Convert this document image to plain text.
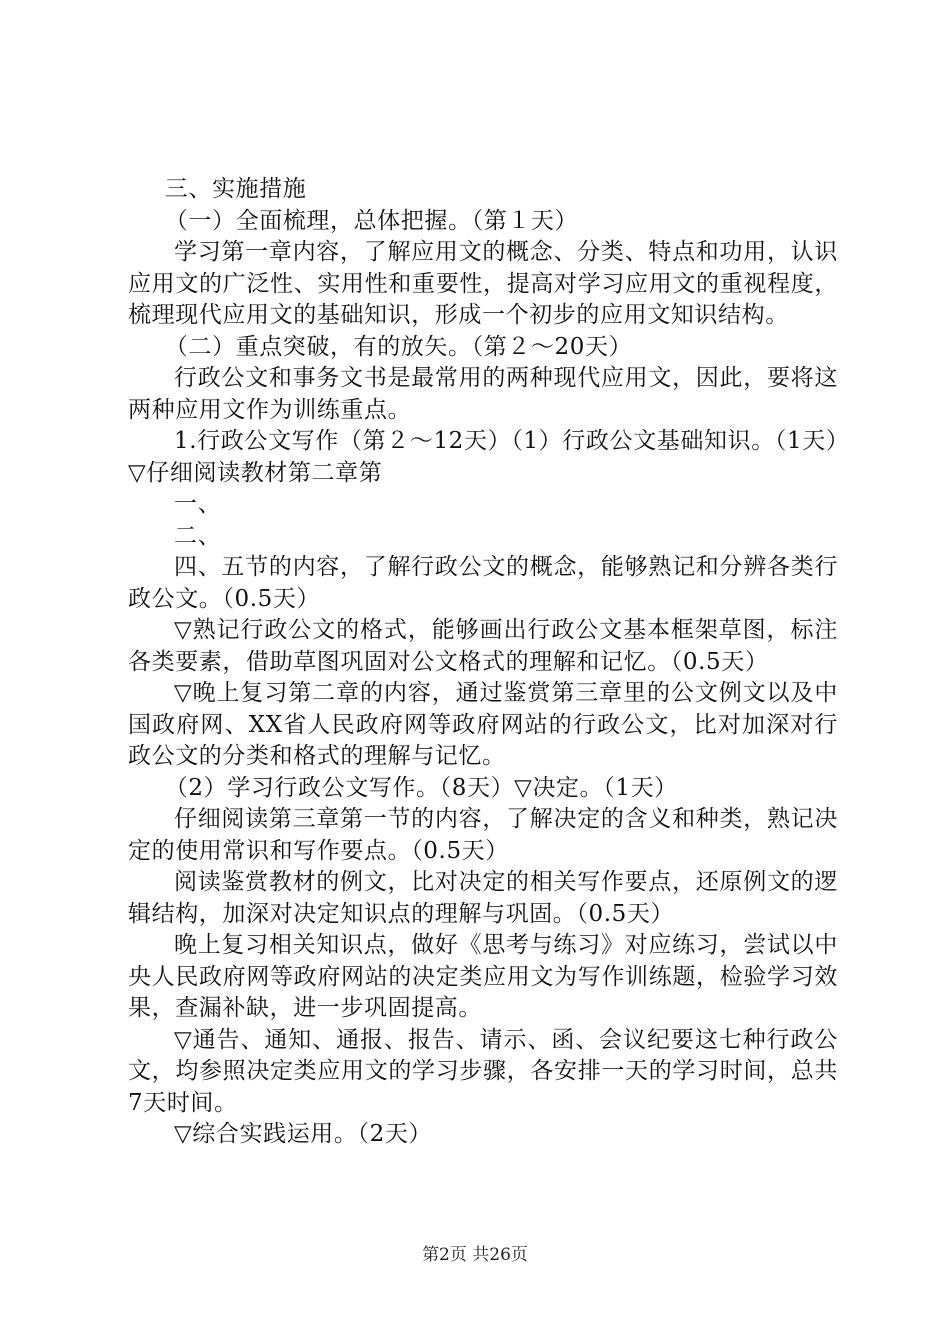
三、实施措施

（一）全面梳理，总体把握。（第１天）

学习第一章内容，了解应用文的概念、分类、特点和功用，认识应用文的广泛性、实用性和重要性，提高对学习应用文的重视程度，梳理现代应用文的基础知识，形成一个初步的应用文知识结构。

（二）重点突破，有的放矢。（第２～20天）

行政公文和事务文书是最常用的两种现代应用文，因此，要将这两种应用文作为训练重点。

1.行政公文写作（第２～12天）（1）行政公文基础知识。（1天）▽仔细阅读教材第二章第

一、

二、

四、五节的内容，了解行政公文的概念，能够熟记和分辨各类行政公文。（0.5天）

▽熟记行政公文的格式，能够画出行政公文基本框架草图，标注各类要素，借助草图巩固对公文格式的理解和记忆。（0.5天）

▽晚上复习第二章的内容，通过鉴赏第三章里的公文例文以及中国政府网、XX省人民政府网等政府网站的行政公文，比对加深对行政公文的分类和格式的理解与记忆。

（2）学习行政公文写作。（8天）▽决定。（1天）

仔细阅读第三章第一节的内容，了解决定的含义和种类，熟记决定的使用常识和写作要点。（0.5天）

阅读鉴赏教材的例文，比对决定的相关写作要点，还原例文的逻辑结构，加深对决定知识点的理解与巩固。（0.5天）

晚上复习相关知识点，做好《思考与练习》对应练习，尝试以中央人民政府网等政府网站的决定类应用文为写作训练题，检验学习效果，查漏补缺，进一步巩固提高。

▽通告、通知、通报、报告、请示、函、会议纪要这七种行政公文，均参照决定类应用文的学习步骤，各安排一天的学习时间，总共7天时间。

▽综合实践运用。（2天）

第2页 共26页
